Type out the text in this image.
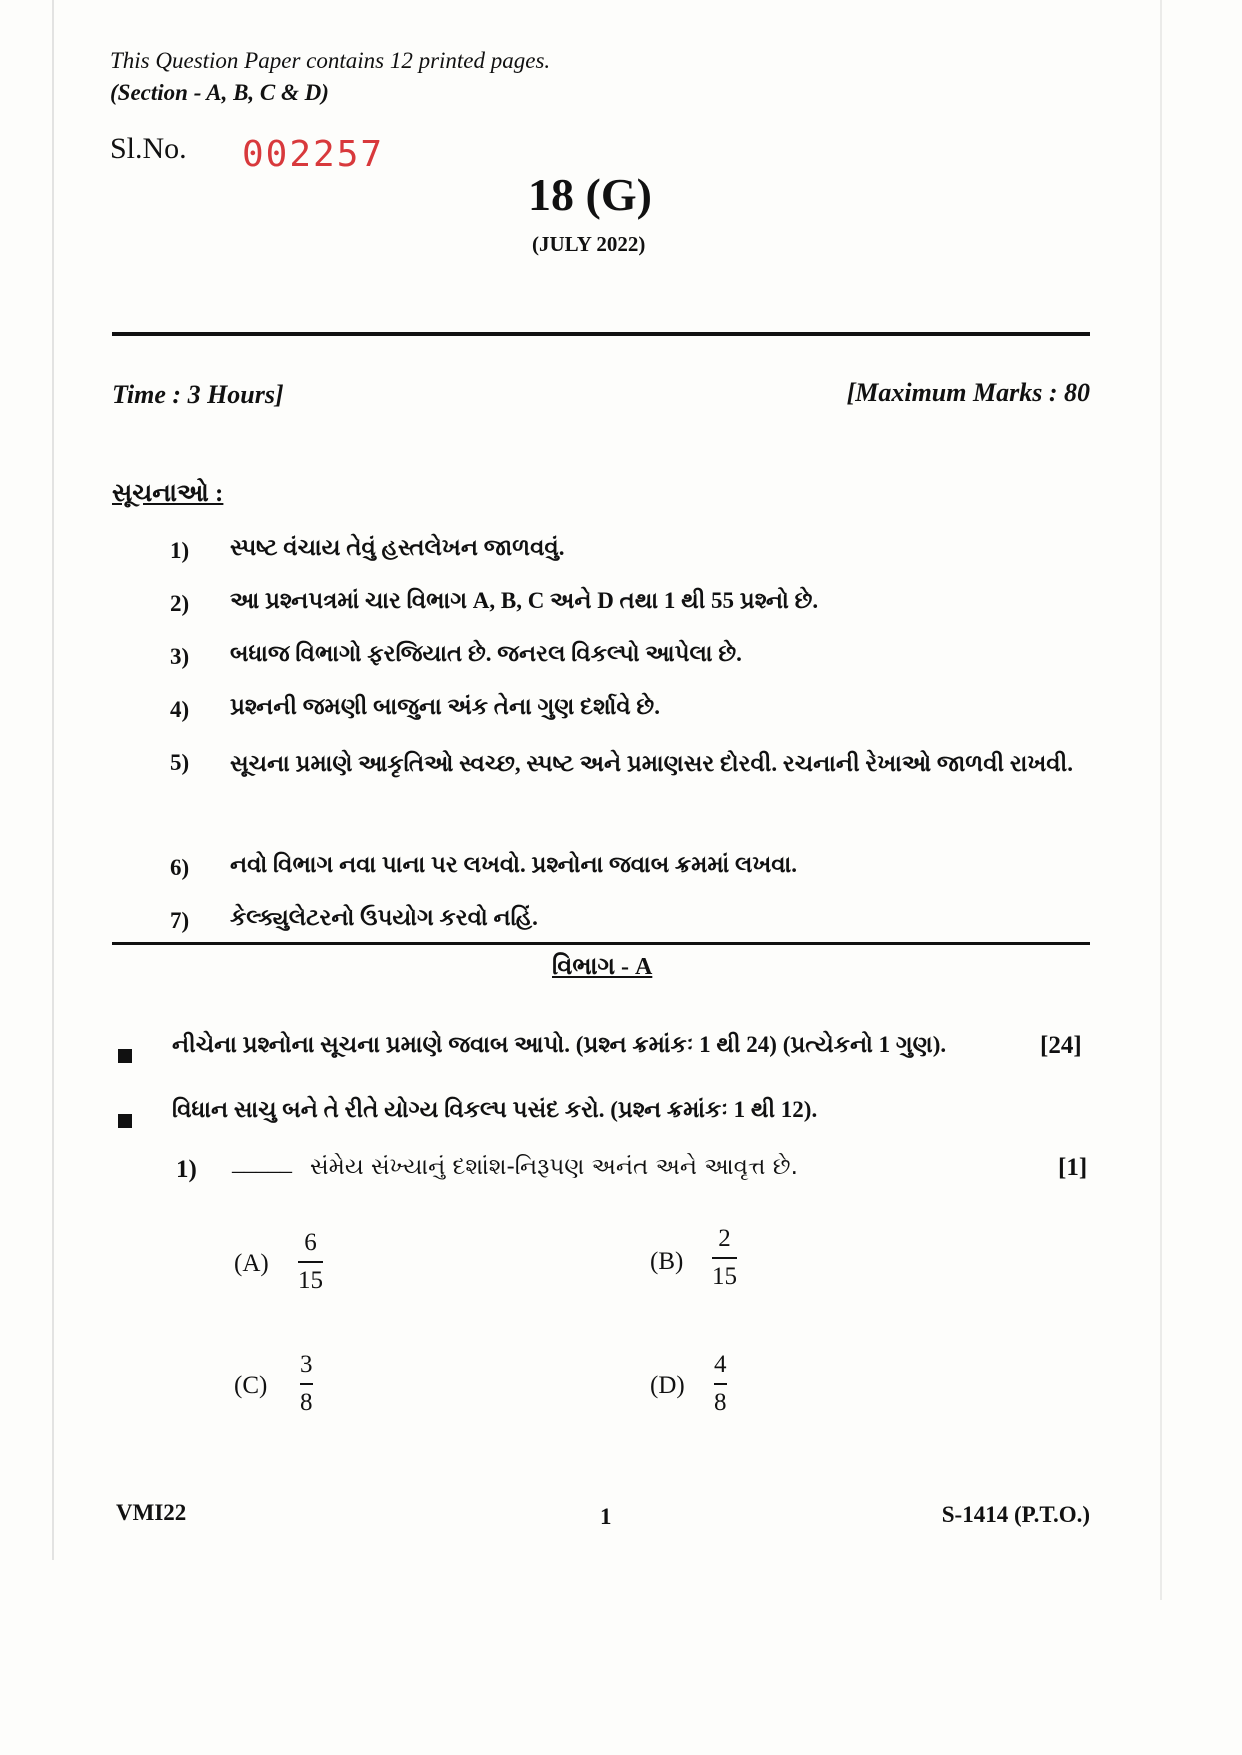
This Question Paper contains 12 printed pages.
(Section - A, B, C & D)
Sl.No. 002257
18 (G)
(JULY 2022)
Time : 3 Hours]	[Maximum Marks : 80
સૂચનાઓ :
1)	સ્પષ્ટ વંચાય તેવું હસ્તલેખન જાળવવું.
2)	આ પ્રશ્નપત્રમાં ચાર વિભાગ A, B, C અને D તથા 1 થી 55 પ્રશ્નો છે.
3)	બધાજ વિભાગો ફરજિયાત છે. જનરલ વિકલ્પો આપેલા છે.
4)	પ્રશ્નની જમણી બાજુના અંક તેના ગુણ દર્શાવે છે.
5)	સૂચના પ્રમાણે આકૃતિઓ સ્વચ્છ, સ્પષ્ટ અને પ્રમાણસર દોરવી. રચનાની રેખાઓ જાળવી રાખવી.
6)	નવો વિભાગ નવા પાના પર લખવો. પ્રશ્નોના જવાબ ક્રમમાં લખવા.
7)	કેલ્ક્યુલેટરનો ઉપયોગ કરવો નહિં.
વિભાગ - A
નીચેના પ્રશ્નોના સૂચના પ્રમાણે જવાબ આપો. (પ્રશ્ન ક્રમાંકઃ 1 થી 24) (પ્રત્યેકનો 1 ગુણ).	[24]
વિધાન સાચુ બને તે રીતે યોગ્ય વિકલ્પ પસંદ કરો. (પ્રશ્ન ક્રમાંકઃ 1 થી 12).
1) _____ સંમેય સંખ્યાનું દશાંશ-નિરૂપણ અનંત અને આવૃત્ત છે.	[1]
(A)
6
15
(B)
2
15
(C)
3
8
(D)
4
8
VMI22	1	S-1414 (P.T.O.)
